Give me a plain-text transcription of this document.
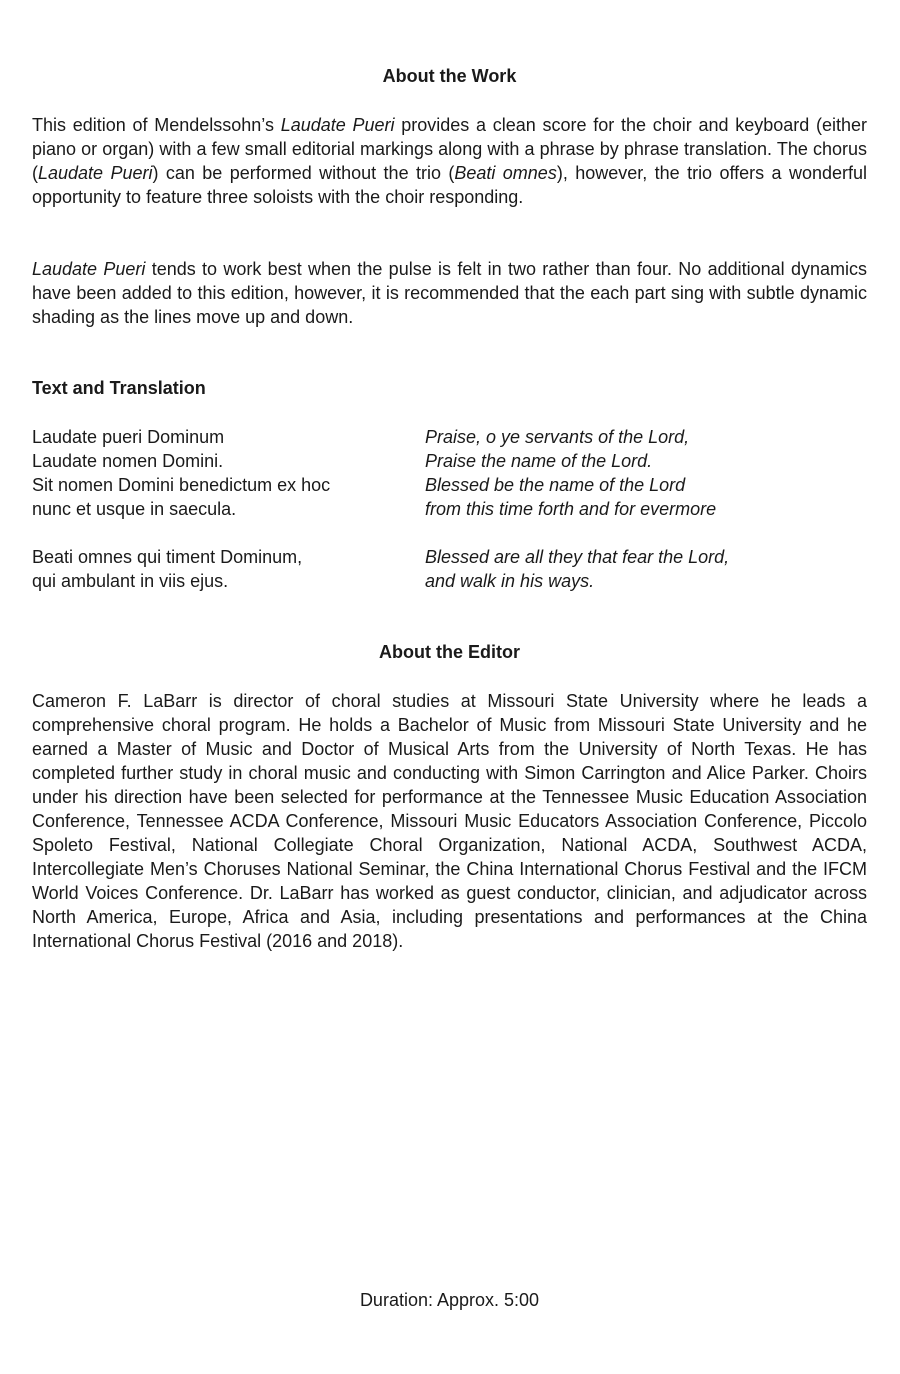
About the Work

This edition of Mendelssohn’s Laudate Pueri provides a clean score for the choir and keyboard (either piano or organ) with a few small editorial markings along with a phrase by phrase translation. The chorus (Laudate Pueri) can be performed without the trio (Beati omnes), however, the trio offers a wonderful opportunity to feature three soloists with the choir responding.

Laudate Pueri tends to work best when the pulse is felt in two rather than four. No additional dynamics have been added to this edition, however, it is recommended that the each part sing with subtle dynamic shading as the lines move up and down.

Text and Translation
Laudate pueri Dominum
Laudate nomen Domini.
Sit nomen Domini benedictum ex hoc
nunc et usque in saecula.
Praise, o ye servants of the Lord,
Praise the name of the Lord.
Blessed be the name of the Lord
from this time forth and for evermore
Beati omnes qui timent Dominum,
qui ambulant in viis ejus.
Blessed are all they that fear the Lord,
and walk in his ways.
About the Editor

Cameron F. LaBarr is director of choral studies at Missouri State University where he leads a comprehensive choral program. He holds a Bachelor of Music from Missouri State University and he earned a Master of Music and Doctor of Musical Arts from the University of North Texas. He has completed further study in choral music and conducting with Simon Carrington and Alice Parker. Choirs under his direction have been selected for performance at the Tennessee Music Education Association Conference, Tennessee ACDA Conference, Missouri Music Educators Association Conference, Piccolo Spoleto Festival, National Collegiate Choral Organization, National ACDA, Southwest ACDA, Intercollegiate Men’s Choruses National Seminar, the China International Chorus Festival and the IFCM World Voices Conference. Dr. LaBarr has worked as guest conductor, clinician, and adjudicator across North America, Europe, Africa and Asia, including presentations and performances at the China International Chorus Festival (2016 and 2018).

Duration: Approx. 5:00
